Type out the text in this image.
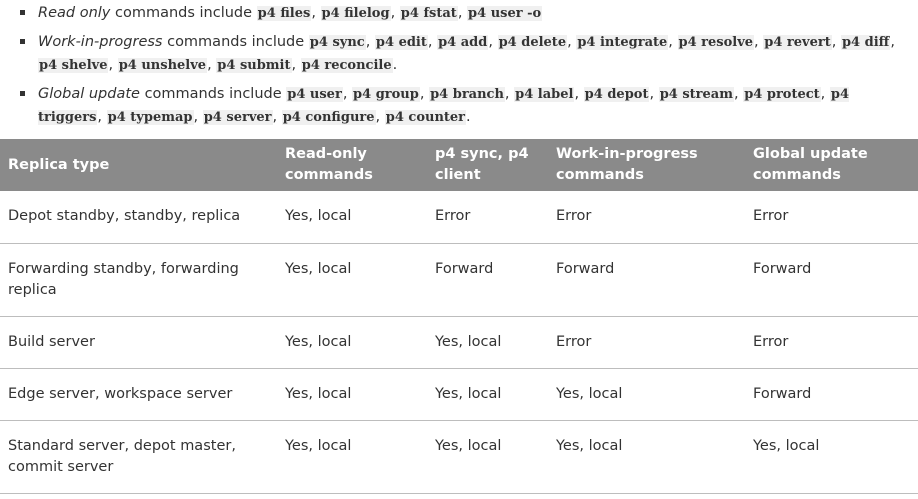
Read only commands include p4 files, p4 filelog, p4 fstat, p4 user -o
Work-in-progress commands include p4 sync, p4 edit, p4 add, p4 delete, p4 integrate, p4 resolve, p4 revert, p4 diff, p4 shelve, p4 unshelve, p4 submit, p4 reconcile.
Global update commands include p4 user, p4 group, p4 branch, p4 label, p4 depot, p4 stream, p4 protect, p4 triggers, p4 typemap, p4 server, p4 configure, p4 counter.
Replica type	Read-only commands	p4 sync, p4 client	Work-in-progress commands	Global update commands
Depot standby, standby, replica	Yes, local	Error	Error	Error
Forwarding standby, forwarding replica	Yes, local	Forward	Forward	Forward
Build server	Yes, local	Yes, local	Error	Error
Edge server, workspace server	Yes, local	Yes, local	Yes, local	Forward
Standard server, depot master, commit server	Yes, local	Yes, local	Yes, local	Yes, local
